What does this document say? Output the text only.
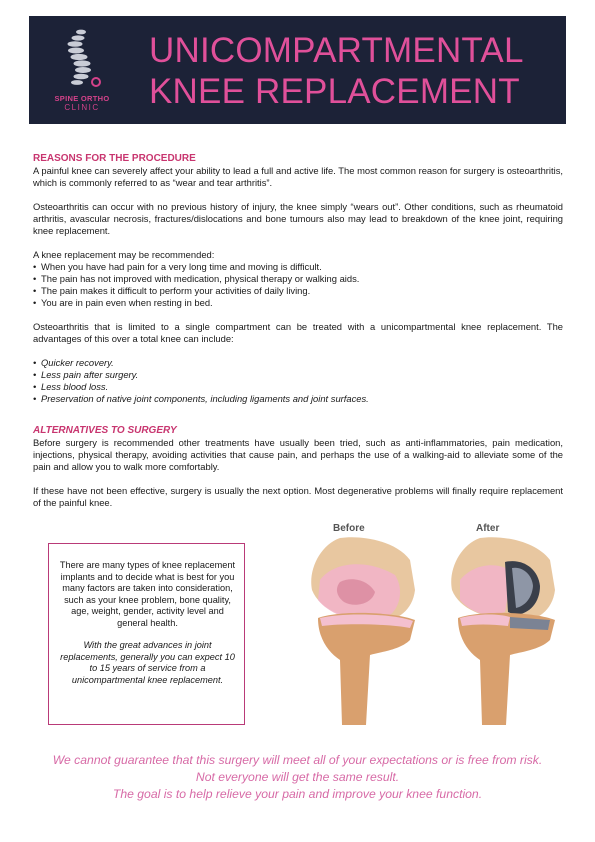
SPINE ORTHO
CLINIC
UNICOMPARTMENTAL
KNEE REPLACEMENT
REASONS FOR THE PROCEDURE

A painful knee can severely affect your ability to lead a full and active life. The most common reason for surgery is osteoarthritis, which is commonly referred to as “wear and tear arthritis”.

Osteoarthritis can occur with no previous history of injury, the knee simply “wears out”. Other conditions, such as rheumatoid arthritis, avascular necrosis, fractures/dislocations and bone tumours also may lead to breakdown of the knee joint, requiring knee replacement.

A knee replacement may be recommended:

• When you have had pain for a very long time and moving is difficult.
• The pain has not improved with medication, physical therapy or walking aids.
• The pain makes it difficult to perform your activities of daily living.
• You are in pain even when resting in bed.

Osteoarthritis that is limited to a single compartment can be treated with a unicompartmental knee replacement. The advantages of this over a total knee can include:

• Quicker recovery.
• Less pain after surgery.
• Less blood loss.
• Preservation of native joint components, including ligaments and joint surfaces.
ALTERNATIVES TO SURGERY

Before surgery is recommended other treatments have usually been tried, such as anti-inflammatories, pain medication, injections, physical therapy, avoiding activities that cause pain, and perhaps the use of a walking-aid to alleviate some of the pain and allow you to walk more comfortably.

If these have not been effective, surgery is usually the next option. Most degenerative problems will finally require replacement of the painful knee.

There are many types of knee replacement implants and to decide what is best for you many factors are taken into consideration, such as your knee problem, bone quality, age, weight, gender, activity level and general health.
With the great advances in joint replacements, generally you can expect 10 to 15 years of service from a unicompartmental knee replacement.
Before	After
We cannot guarantee that this surgery will meet all of your expectations or is free from risk.
Not everyone will get the same result.
The goal is to help relieve your pain and improve your knee function.
